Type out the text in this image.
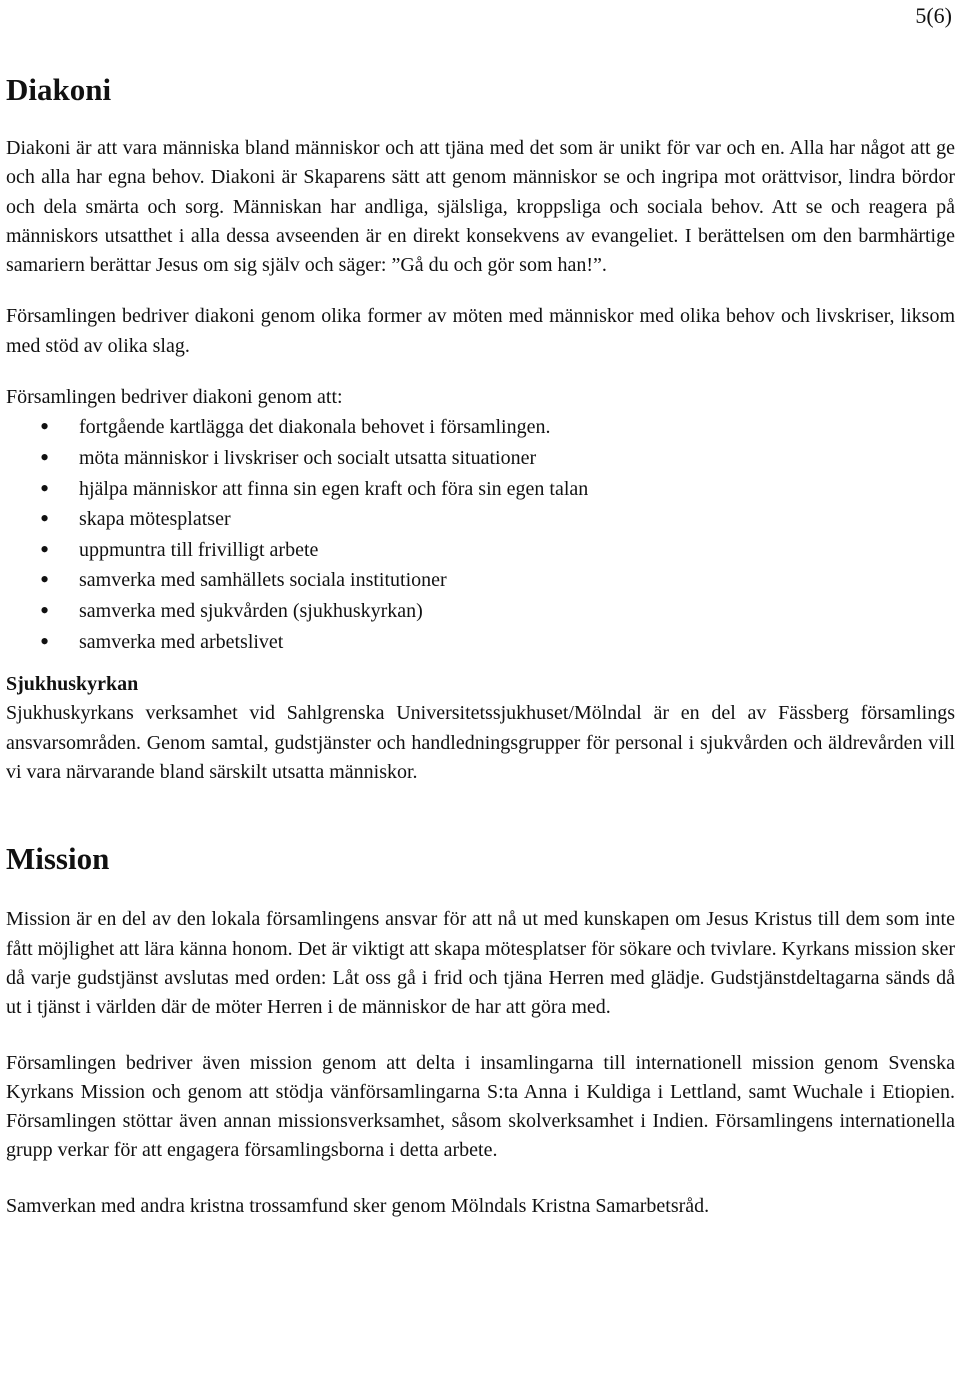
5(6)
Diakoni

Diakoni är att vara människa bland människor och att tjäna med det som är unikt för var och en. Alla har något att ge och alla har egna behov. Diakoni är Skaparens sätt att genom människor se och ingripa mot orättvisor, lindra bördor och dela smärta och sorg. Människan har andliga, själsliga, kroppsliga och sociala behov. Att se och reagera på människors utsatthet i alla dessa avseenden är en direkt konsekvens av evangeliet. I berättelsen om den barmhärtige samariern berättar Jesus om sig själv och säger: ”Gå du och gör som han!”.

Församlingen bedriver diakoni genom olika former av möten med människor med olika behov och livskriser, liksom med stöd av olika slag.

Församlingen bedriver diakoni genom att:

• fortgående kartlägga det diakonala behovet i församlingen.
• möta människor i livskriser och socialt utsatta situationer
• hjälpa människor att finna sin egen kraft och föra sin egen talan
• skapa mötesplatser
• uppmuntra till frivilligt arbete
• samverka med samhällets sociala institutioner
• samverka med sjukvården (sjukhuskyrkan)
• samverka med arbetslivet
Sjukhuskyrkan

Sjukhuskyrkans verksamhet vid Sahlgrenska Universitetssjukhuset/Mölndal är en del av Fässberg församlings ansvarsområden. Genom samtal, gudstjänster och handledningsgrupper för personal i sjukvården och äldrevården vill vi vara närvarande bland särskilt utsatta människor.

Mission

Mission är en del av den lokala församlingens ansvar för att nå ut med kunskapen om Jesus Kristus till dem som inte fått möjlighet att lära känna honom. Det är viktigt att skapa mötesplatser för sökare och tvivlare. Kyrkans mission sker då varje gudstjänst avslutas med orden: Låt oss gå i frid och tjäna Herren med glädje. Gudstjänstdeltagarna sänds då ut i tjänst i världen där de möter Herren i de människor de har att göra med.

Församlingen bedriver även mission genom att delta i insamlingarna till internationell mission genom Svenska Kyrkans Mission och genom att stödja vänförsamlingarna S:ta Anna i Kuldiga i Lettland, samt Wuchale i Etiopien. Församlingen stöttar även annan missionsverksamhet, såsom skolverksamhet i Indien. Församlingens internationella grupp verkar för att engagera församlingsborna i detta arbete.

Samverkan med andra kristna trossamfund sker genom Mölndals Kristna Samarbetsråd.
